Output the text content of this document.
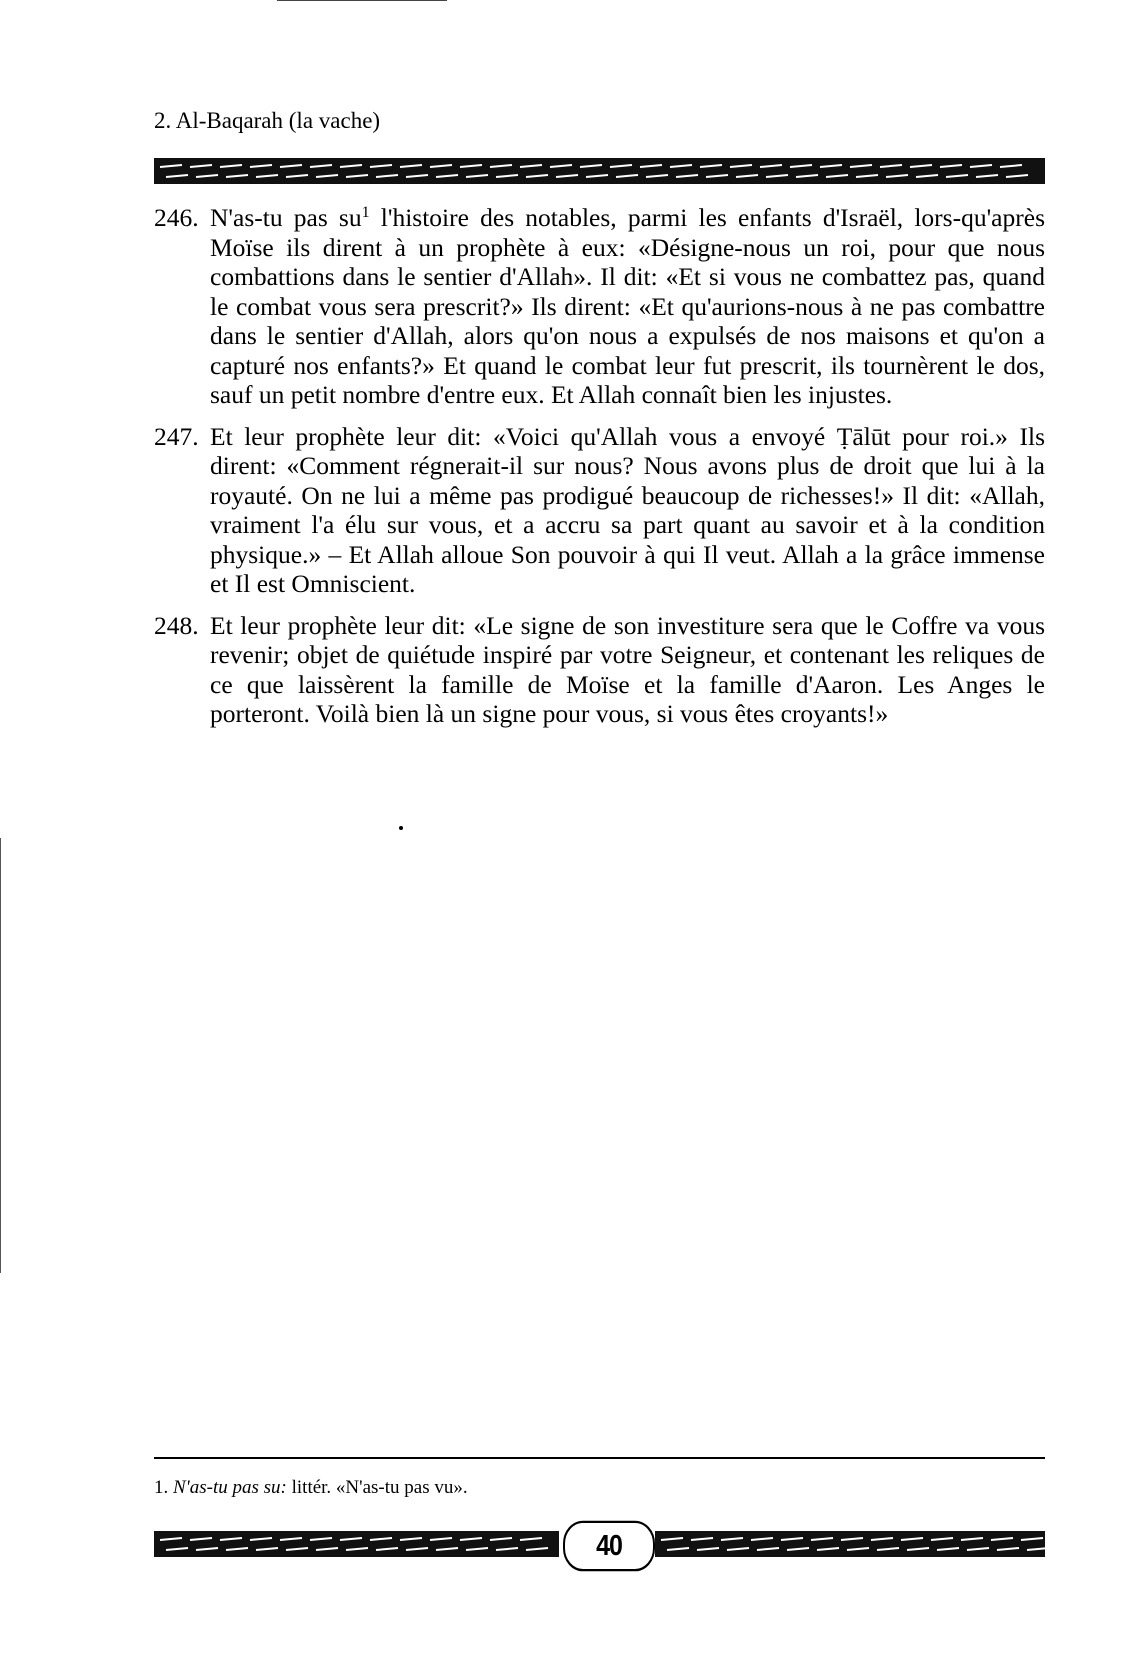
2. Al-Baqarah (la vache)
246. N'as-tu pas $su^1$ l'histoire des notables, parmi les enfants d'Israël, lors-qu'après Moïse ils dirent à un prophète à eux: «Désigne-nous un roi, pour que nous combattions dans le sentier d'Allah». Il dit: «Et si vous ne combattez pas, quand le combat vous sera prescrit?» Ils dirent: «Et qu'aurions-nous à ne pas combattre dans le sentier d'Allah, alors qu'on nous a expulsés de nos maisons et qu'on a capturé nos enfants?» Et quand le combat leur fut prescrit, ils tournèrent le dos, sauf un petit nombre d'entre eux. Et Allah connaît bien les injustes.
247. Et leur prophète leur dit: «Voici qu'Allah vous a envoyé Ṭālūt pour roi.» Ils dirent: «Comment régnerait-il sur nous? Nous avons plus de droit que lui à la royauté. On ne lui a même pas prodigué beaucoup de richesses!» Il dit: «Allah, vraiment l'a élu sur vous, et a accru sa part quant au savoir et à la condition physique.» – Et Allah alloue Son pouvoir à qui Il veut. Allah a la grâce immense et Il est Omniscient.
248. Et leur prophète leur dit: «Le signe de son investiture sera que le Coffre va vous revenir; objet de quiétude inspiré par votre Seigneur, et contenant les reliques de ce que laissèrent la famille de Moïse et la famille d'Aaron. Les Anges le porteront. Voilà bien là un signe pour vous, si vous êtes croyants!»
1. N'as-tu pas su: littér. «N'as-tu pas vu».
40
